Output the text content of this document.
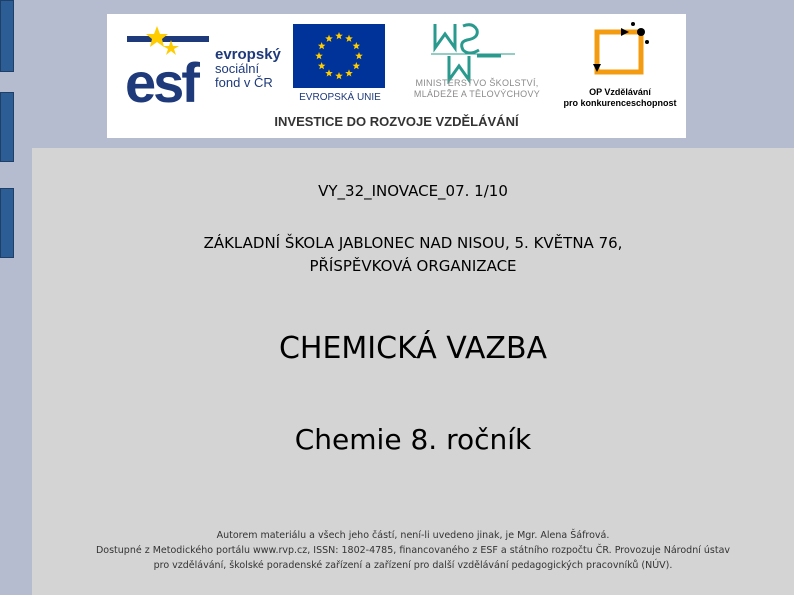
esf evropský
sociální
fond v ČR
EVROPSKÁ UNIE
MINISTERSTVO ŠKOLSTVÍ,
MLÁDEŽE A TĚLOVÝCHOVY	OP Vzdělávání
pro konkurenceschopnost
INVESTICE DO ROZVOJE VZDĚLÁVÁNÍ
VY_32_INOVACE_07. 1/10
ZÁKLADNÍ ŠKOLA JABLONEC NAD NISOU, 5. KVĚTNA 76,
PŘÍSPĚVKOVÁ ORGANIZACE
CHEMICKÁ VAZBA
Chemie 8. ročník
Autorem materiálu a všech jeho částí, není-li uvedeno jinak, je Mgr. Alena Šáfrová.
Dostupné z Metodického portálu www.rvp.cz, ISSN: 1802-4785, financovaného z ESF a státního rozpočtu ČR. Provozuje Národní ústav
pro vzdělávání, školské poradenské zařízení a zařízení pro další vzdělávání pedagogických pracovníků (NÚV).
